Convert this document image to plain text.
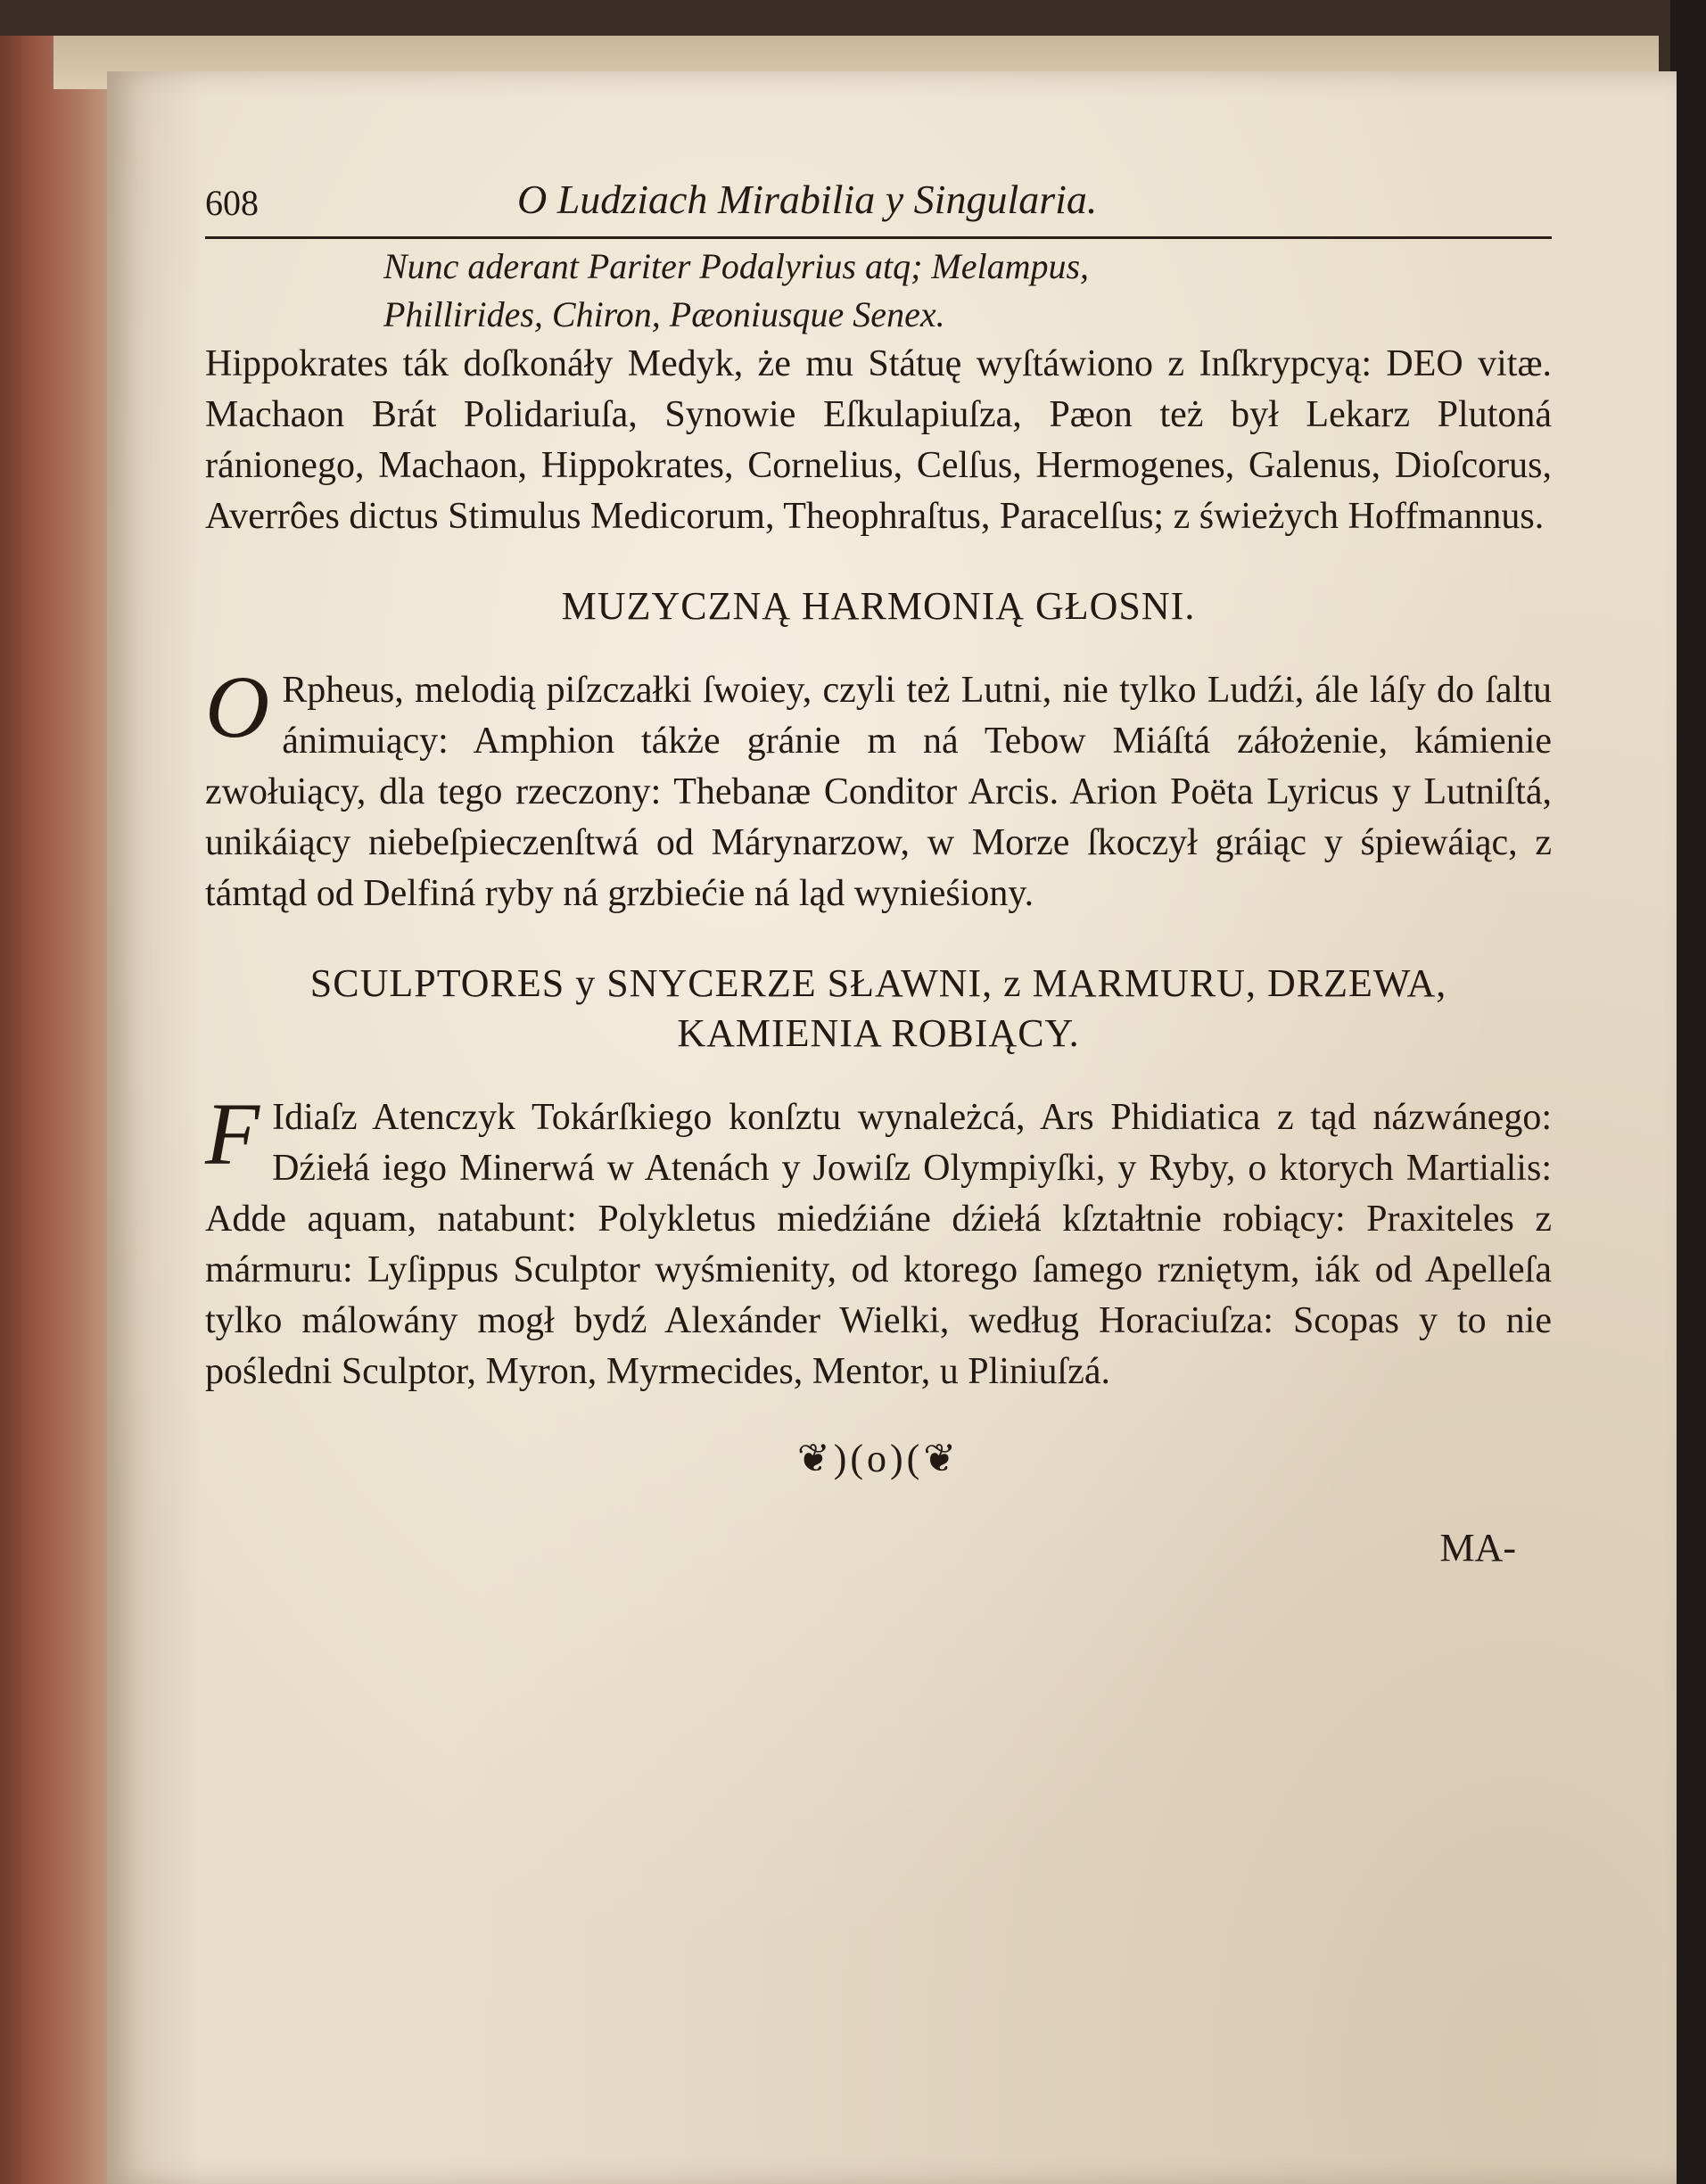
608	O Ludziach Mirabilia y Singularia.
Nunc aderant Pariter Podalyrius atq; Melampus,
Phillirides, Chiron, Pæoniusque Senex.

Hippokrates ták doſkonáły Medyk, że mu Státuę wyſtáwiono z Inſkrypcyą: DEO vitæ. Machaon Brát Polidariuſa, Synowie Eſkulapiuſza, Pæon też był Lekarz Plutoná ránionego, Machaon, Hippokrates, Cornelius, Celſus, Hermogenes, Galenus, Dioſcorus, Averrôes dictus Stimulus Medicorum, Theophraſtus, Paracelſus; z świeżych Hoffmannus.

MUZYCZNĄ HARMONIĄ GŁOSNI.

O Rpheus, melodią piſzczałki ſwoiey, czyli też Lutni, nie tylko Ludźi, ále láſy do ſaltu ánimuiący: Amphion tákże gránie m ná Tebow Miáſtá záłożenie, kámienie zwołuiący, dla tego rzeczony: Thebanæ Conditor Arcis. Arion Poëta Lyricus y Lutniſtá, unikáiący niebeſpieczenſtwá od Márynarzow, w Morze ſkoczył gráiąc y śpiewáiąc, z támtąd od Delfiná ryby ná grzbiećie ná ląd wynieśiony.

SCULPTORES y SNYCERZE SŁAWNI, z MARMURU, DRZEWA, KAMIENIA ROBIĄCY.

F Idiaſz Atenczyk Tokárſkiego konſztu wynależcá, Ars Phidiatica z tąd názwánego: Dźiełá iego Minerwá w Atenách y Jowiſz Olympiyſki, y Ryby, o ktorych Martialis: Adde aquam, natabunt: Polykletus miedźiáne dźiełá kſztałtnie robiący: Praxiteles z mármuru: Lyſippus Sculptor wyśmienity, od ktorego ſamego rzniętym, iák od Apelleſa tylko málowány mogł bydź Alexánder Wielki, według Horaciuſza: Scopas y to nie pośledni Sculptor, Myron, Myrmecides, Mentor, u Pliniuſzá.

❦)(o)(❦
MA-
